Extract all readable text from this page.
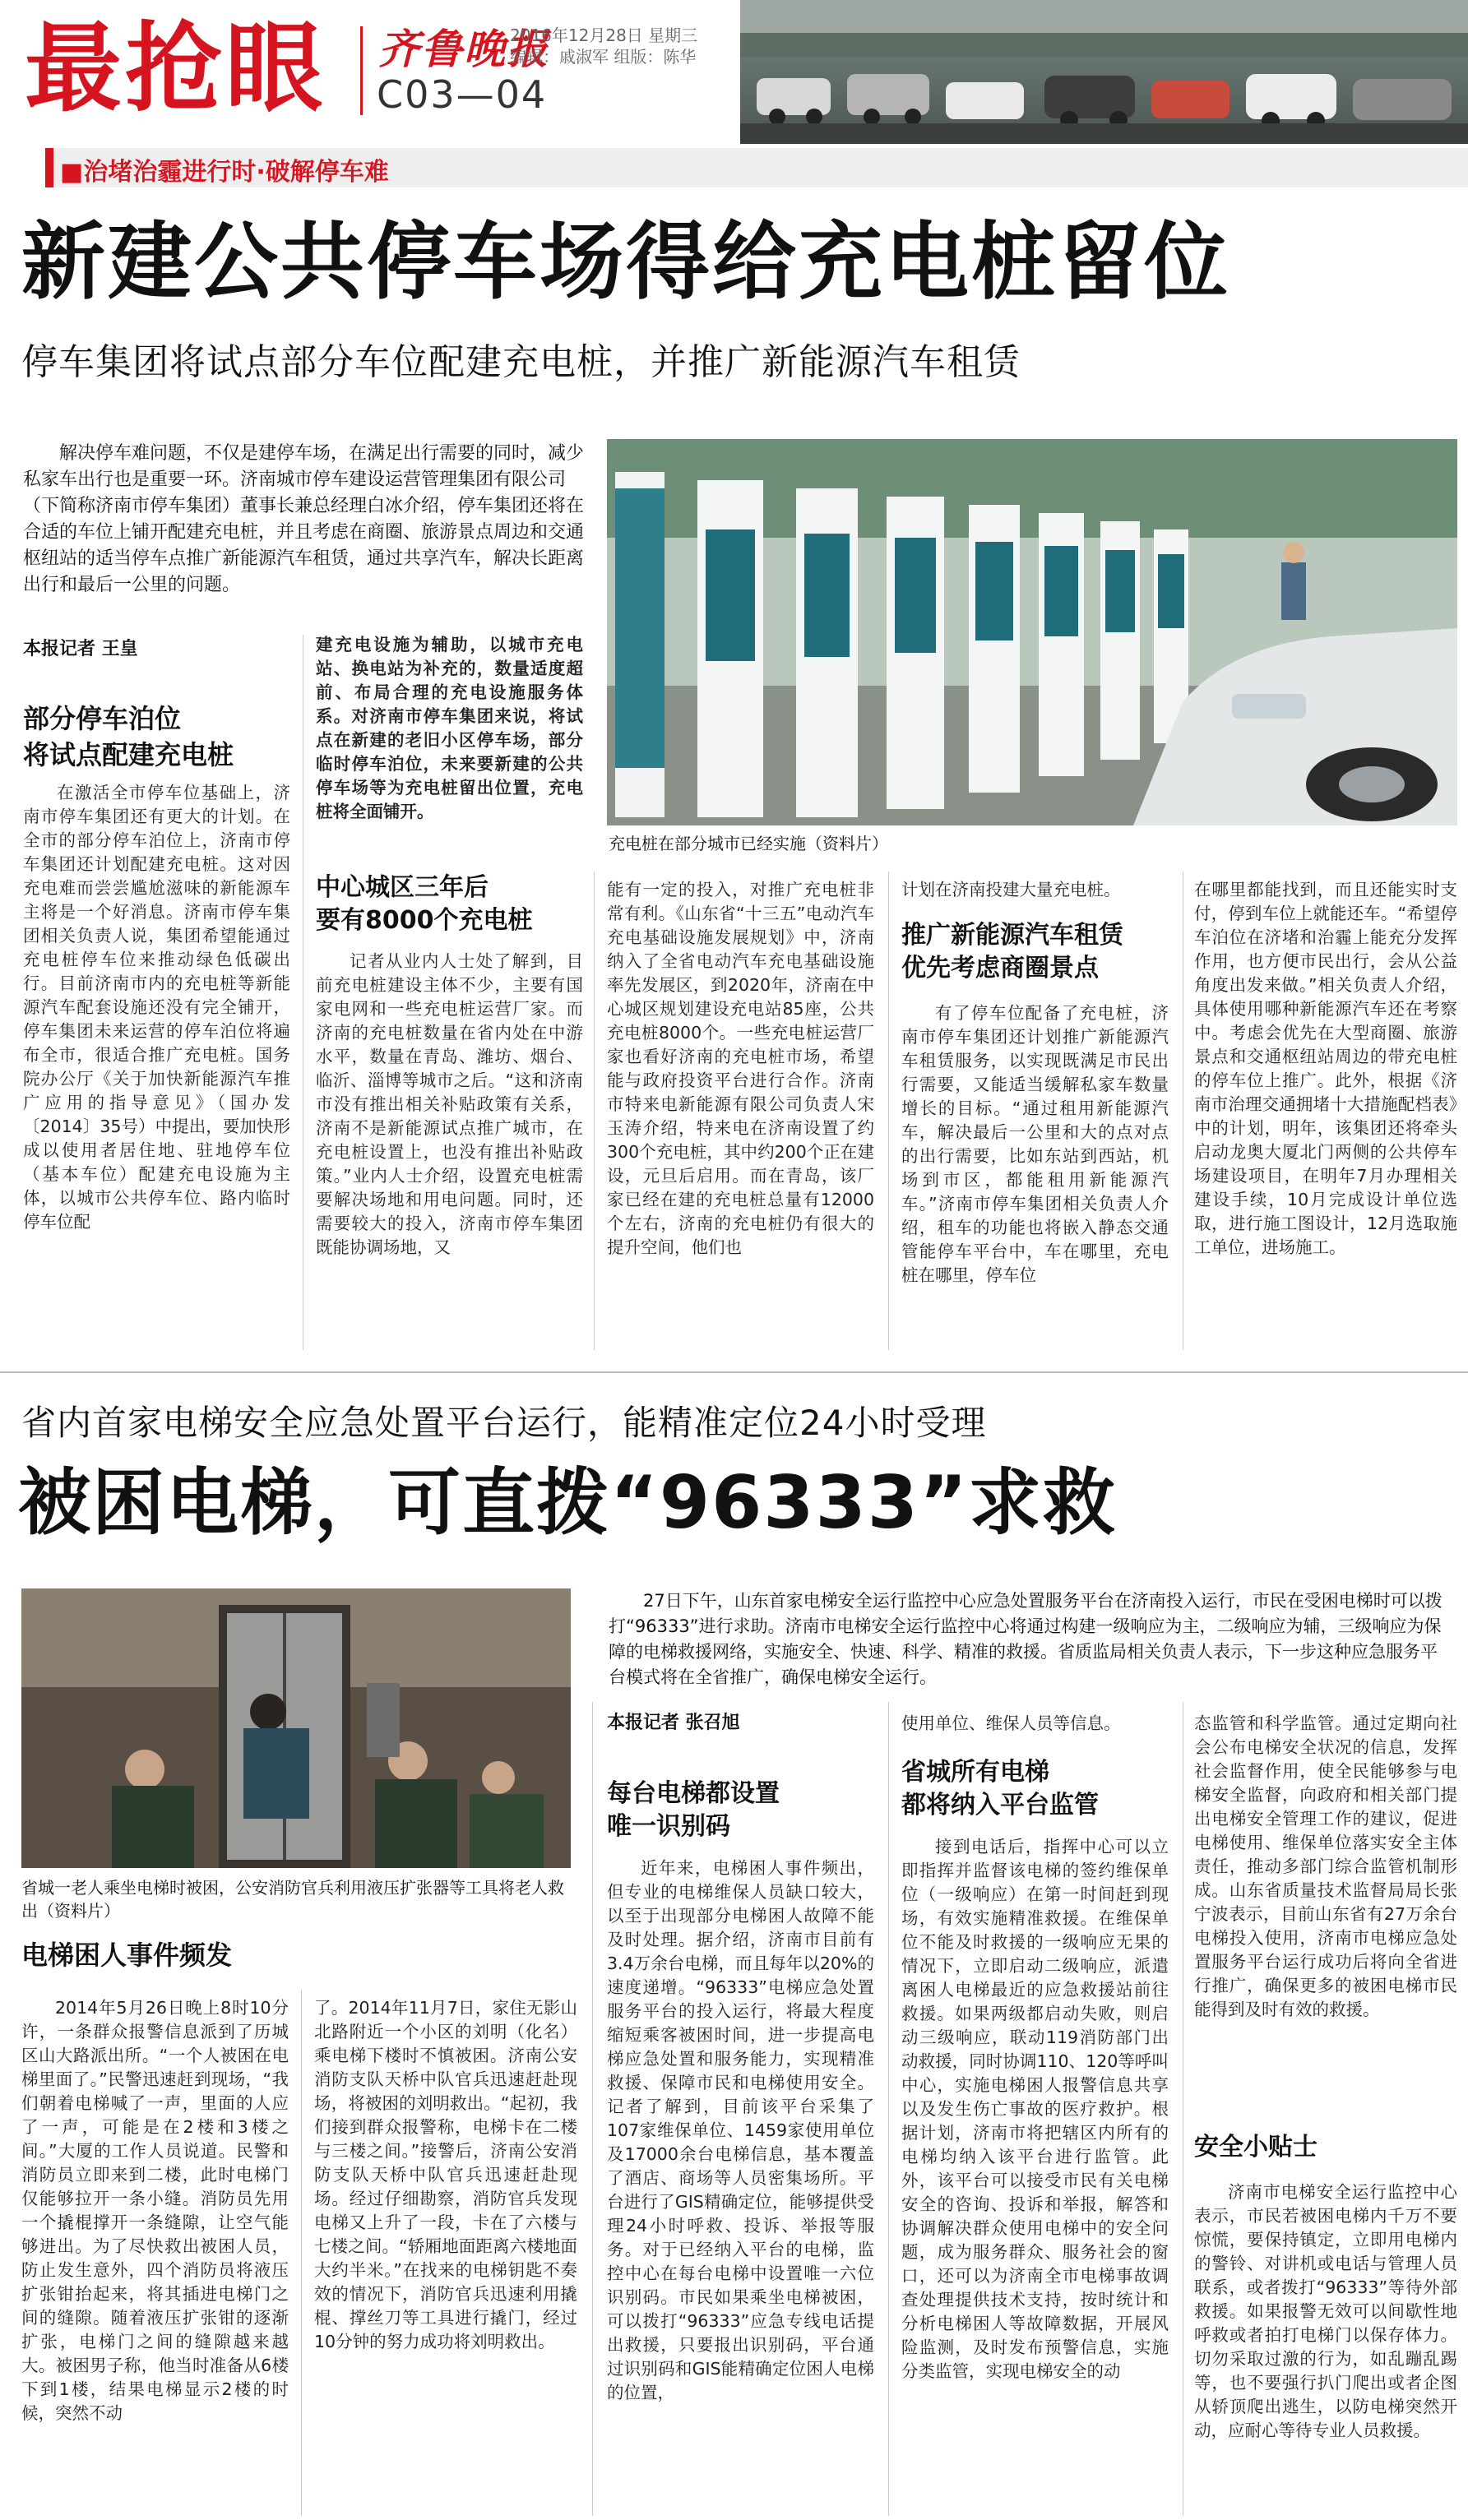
最抢眼 齐鲁晚报
2016年12月28日 星期三
编辑：戚淑军 组版：陈华
C03—04
■治堵治霾进行时·破解停车难
新建公共停车场得给充电桩留位
停车集团将试点部分车位配建充电桩，并推广新能源汽车租赁
解决停车难问题，不仅是建停车场，在满足出行需要的同时，减少私家车出行也是重要一环。济南城市停车建设运营管理集团有限公司（下简称济南市停车集团）董事长兼总经理白冰介绍，停车集团还将在合适的车位上铺开配建充电桩，并且考虑在商圈、旅游景点周边和交通枢纽站的适当停车点推广新能源汽车租赁，通过共享汽车，解决长距离出行和最后一公里的问题。
充电桩在部分城市已经实施（资料片）
本报记者 王皇
部分停车泊位
将试点配建充电桩
在激活全市停车位基础上，济南市停车集团还有更大的计划。在全市的部分停车泊位上，济南市停车集团还计划配建充电桩。这对因充电难而尝尝尴尬滋味的新能源车主将是一个好消息。济南市停车集团相关负责人说，集团希望能通过充电桩停车位来推动绿色低碳出行。目前济南市内的充电桩等新能源汽车配套设施还没有完全铺开，停车集团未来运营的停车泊位将遍布全市，很适合推广充电桩。国务院办公厅《关于加快新能源汽车推广应用的指导意见》（国办发〔2014〕35号）中提出，要加快形成以使用者居住地、驻地停车位（基本车位）配建充电设施为主体，以城市公共停车位、路内临时停车位配
建充电设施为辅助，以城市充电站、换电站为补充的，数量适度超前、布局合理的充电设施服务体系。对济南市停车集团来说，将试点在新建的老旧小区停车场，部分临时停车泊位，未来要新建的公共停车场等为充电桩留出位置，充电桩将全面铺开。
中心城区三年后
要有8000个充电桩
记者从业内人士处了解到，目前充电桩建设主体不少，主要有国家电网和一些充电桩运营厂家。而济南的充电桩数量在省内处在中游水平，数量在青岛、潍坊、烟台、临沂、淄博等城市之后。“这和济南市没有推出相关补贴政策有关系，济南不是新能源试点推广城市，在充电桩设置上，也没有推出补贴政策。”业内人士介绍，设置充电桩需要解决场地和用电问题。同时，还需要较大的投入，济南市停车集团既能协调场地，又
能有一定的投入，对推广充电桩非常有利。《山东省“十三五”电动汽车充电基础设施发展规划》中，济南纳入了全省电动汽车充电基础设施率先发展区，到2020年，济南在中心城区规划建设充电站85座，公共充电桩8000个。一些充电桩运营厂家也看好济南的充电桩市场，希望能与政府投资平台进行合作。济南市特来电新能源有限公司负责人宋玉涛介绍，特来电在济南设置了约300个充电桩，其中约200个正在建设，元旦后启用。而在青岛，该厂家已经在建的充电桩总量有12000个左右，济南的充电桩仍有很大的提升空间，他们也
计划在济南投建大量充电桩。
推广新能源汽车租赁
优先考虑商圈景点
有了停车位配备了充电桩，济南市停车集团还计划推广新能源汽车租赁服务，以实现既满足市民出行需要，又能适当缓解私家车数量增长的目标。“通过租用新能源汽车，解决最后一公里和大的点对点的出行需要，比如东站到西站，机场到市区，都能租用新能源汽车。”济南市停车集团相关负责人介绍，租车的功能也将嵌入静态交通管能停车平台中，车在哪里，充电桩在哪里，停车位
在哪里都能找到，而且还能实时支付，停到车位上就能还车。“希望停车泊位在济堵和治霾上能充分发挥作用，也方便市民出行，会从公益角度出发来做。”相关负责人介绍，具体使用哪种新能源汽车还在考察中。考虑会优先在大型商圈、旅游景点和交通枢纽站周边的带充电桩的停车位上推广。此外，根据《济南市治理交通拥堵十大措施配档表》中的计划，明年，该集团还将牵头启动龙奥大厦北门两侧的公共停车场建设项目，在明年7月办理相关建设手续，10月完成设计单位选取，进行施工图设计，12月选取施工单位，进场施工。
省内首家电梯安全应急处置平台运行，能精准定位24小时受理
被困电梯，可直拨“96333”求救
省城一老人乘坐电梯时被困，公安消防官兵利用液压扩张器等工具将老人救出（资料片）
27日下午，山东首家电梯安全运行监控中心应急处置服务平台在济南投入运行，市民在受困电梯时可以拨打“96333”进行求助。济南市电梯安全运行监控中心将通过构建一级响应为主，二级响应为辅，三级响应为保障的电梯救援网络，实施安全、快速、科学、精准的救援。省质监局相关负责人表示，下一步这种应急服务平台模式将在全省推广，确保电梯安全运行。
本报记者 张召旭
电梯困人事件频发
2014年5月26日晚上8时10分许，一条群众报警信息派到了历城区山大路派出所。“一个人被困在电梯里面了。”民警迅速赶到现场，“我们朝着电梯喊了一声，里面的人应了一声，可能是在2楼和3楼之间。”大厦的工作人员说道。民警和消防员立即来到二楼，此时电梯门仅能够拉开一条小缝。消防员先用一个撬棍撑开一条缝隙，让空气能够进出。为了尽快救出被困人员，防止发生意外，四个消防员将液压扩张钳抬起来，将其插进电梯门之间的缝隙。随着液压扩张钳的逐渐扩张，电梯门之间的缝隙越来越大。被困男子称，他当时准备从6楼下到1楼，结果电梯显示2楼的时候，突然不动
了。2014年11月7日，家住无影山北路附近一个小区的刘明（化名）乘电梯下楼时不慎被困。济南公安消防支队天桥中队官兵迅速赶赴现场，将被困的刘明救出。“起初，我们接到群众报警称，电梯卡在二楼与三楼之间。”接警后，济南公安消防支队天桥中队官兵迅速赶赴现场。经过仔细勘察，消防官兵发现电梯又上升了一段，卡在了六楼与七楼之间。“轿厢地面距离六楼地面大约半米。”在找来的电梯钥匙不奏效的情况下，消防官兵迅速利用撬棍、撑丝刀等工具进行撬门，经过10分钟的努力成功将刘明救出。
每台电梯都设置
唯一识别码
近年来，电梯困人事件频出，但专业的电梯维保人员缺口较大，以至于出现部分电梯困人故障不能及时处理。据介绍，济南市目前有3.4万余台电梯，而且每年以20%的速度递增。“96333”电梯应急处置服务平台的投入运行，将最大程度缩短乘客被困时间，进一步提高电梯应急处置和服务能力，实现精准救援、保障市民和电梯使用安全。记者了解到，目前该平台采集了107家维保单位、1459家使用单位及17000余台电梯信息，基本覆盖了酒店、商场等人员密集场所。平台进行了GIS精确定位，能够提供受理24小时呼救、投诉、举报等服务。对于已经纳入平台的电梯，监控中心在每台电梯中设置唯一六位识别码。市民如果乘坐电梯被困，可以拨打“96333”应急专线电话提出救援，只要报出识别码，平台通过识别码和GIS能精确定位困人电梯的位置，
使用单位、维保人员等信息。
省城所有电梯
都将纳入平台监管
接到电话后，指挥中心可以立即指挥并监督该电梯的签约维保单位（一级响应）在第一时间赶到现场，有效实施精准救援。在维保单位不能及时救援的一级响应无果的情况下，立即启动二级响应，派遣离困人电梯最近的应急救援站前往救援。如果两级都启动失败，则启动三级响应，联动119消防部门出动救援，同时协调110、120等呼叫中心，实施电梯困人报警信息共享以及发生伤亡事故的医疗救护。根据计划，济南市将把辖区内所有的电梯均纳入该平台进行监管。此外，该平台可以接受市民有关电梯安全的咨询、投诉和举报，解答和协调解决群众使用电梯中的安全问题，成为服务群众、服务社会的窗口，还可以为济南全市电梯事故调查处理提供技术支持，按时统计和分析电梯困人等故障数据，开展风险监测，及时发布预警信息，实施分类监管，实现电梯安全的动
态监管和科学监管。通过定期向社会公布电梯安全状况的信息，发挥社会监督作用，使全民能够参与电梯安全监督，向政府和相关部门提出电梯安全管理工作的建议，促进电梯使用、维保单位落实安全主体责任，推动多部门综合监管机制形成。山东省质量技术监督局局长张宁波表示，目前山东省有27万余台电梯投入使用，济南市电梯应急处置服务平台运行成功后将向全省进行推广，确保更多的被困电梯市民能得到及时有效的救援。
安全小贴士
济南市电梯安全运行监控中心表示，市民若被困电梯内千万不要惊慌，要保持镇定，立即用电梯内的警铃、对讲机或电话与管理人员联系，或者拨打“96333”等待外部救援。如果报警无效可以间歇性地呼救或者拍打电梯门以保存体力。切勿采取过激的行为，如乱蹦乱踢等，也不要强行扒门爬出或者企图从轿顶爬出逃生，以防电梯突然开动，应耐心等待专业人员救援。
